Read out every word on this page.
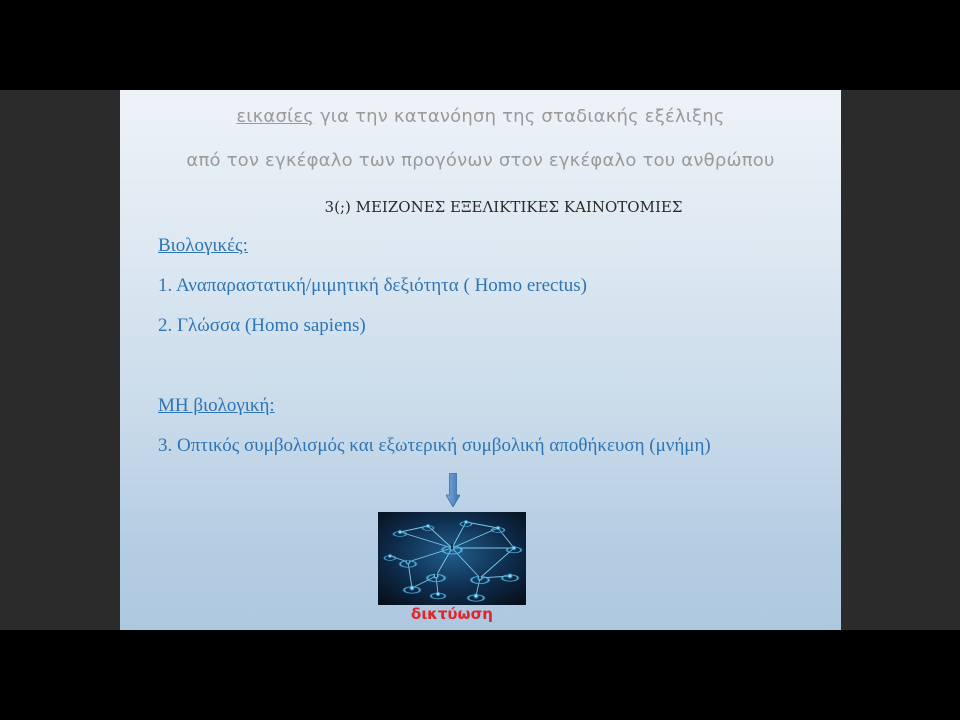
εικασίες για την κατανόηση της σταδιακής εξέλιξης
από τον εγκέφαλο των προγόνων στον εγκέφαλο του ανθρώπου
3(;) ΜΕΙΖΟΝΕΣ ΕΞΕΛΙΚΤΙΚΕΣ ΚΑΙΝΟΤΟΜΙΕΣ
Βιολογικές:
1. Αναπαραστατική/μιμητική δεξιότητα ( Homo erectus)
2. Γλώσσα (Homo sapiens)
ΜΗ βιολογική:
3. Οπτικός συμβολισμός και εξωτερική συμβολική αποθήκευση (μνήμη)
δικτύωση
